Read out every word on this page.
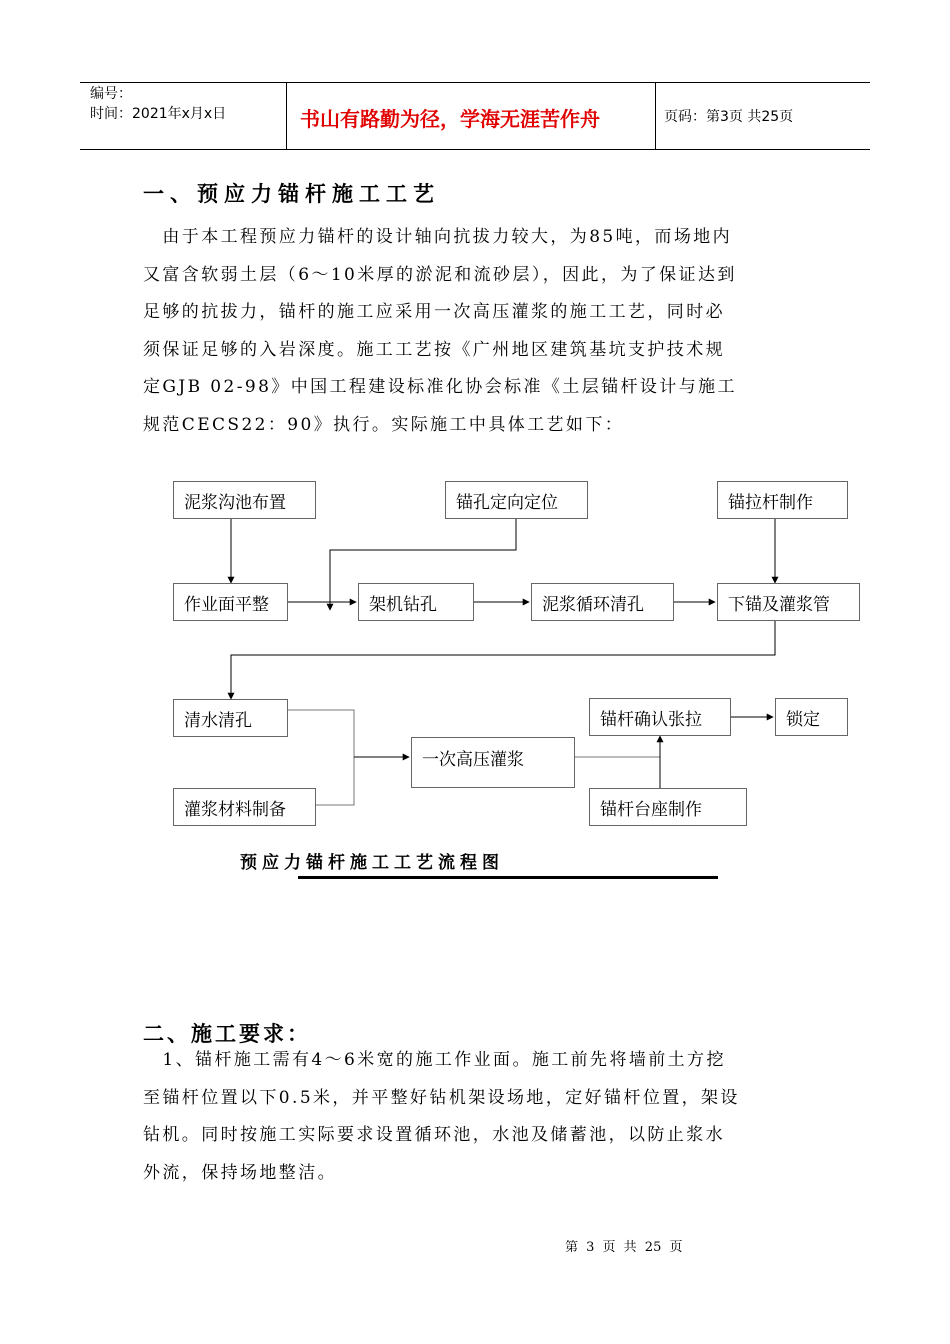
编号：
时间：2021年x月x日	书山有路勤为径，学海无涯苦作舟	页码：第3页 共25页
一、预应力锚杆施工工艺
　由于本工程预应力锚杆的设计轴向抗拔力较大，为85吨，而场地内
又富含软弱土层（6～10米厚的淤泥和流砂层），因此，为了保证达到
足够的抗拔力，锚杆的施工应采用一次高压灌浆的施工工艺，同时必
须保证足够的入岩深度。施工工艺按《广州地区建筑基坑支护技术规
定GJB 02-98》中国工程建设标准化协会标准《土层锚杆设计与施工
规范CECS22：90》执行。实际施工中具体工艺如下：
泥浆沟池布置	锚孔定向定位	锚拉杆制作
作业面平整	架机钻孔	泥浆循环清孔	下锚及灌浆管
清水清孔
一次高压灌浆
灌浆材料制备
锚杆确认张拉	锁定
锚杆台座制作
预应力锚杆施工工艺流程图
二、施工要求：
　1、锚杆施工需有4～6米宽的施工作业面。施工前先将墙前土方挖
至锚杆位置以下0.5米，并平整好钻机架设场地，定好锚杆位置，架设
钻机。同时按施工实际要求设置循环池，水池及储蓄池，以防止浆水
外流，保持场地整洁。
第 3 页 共 25 页
